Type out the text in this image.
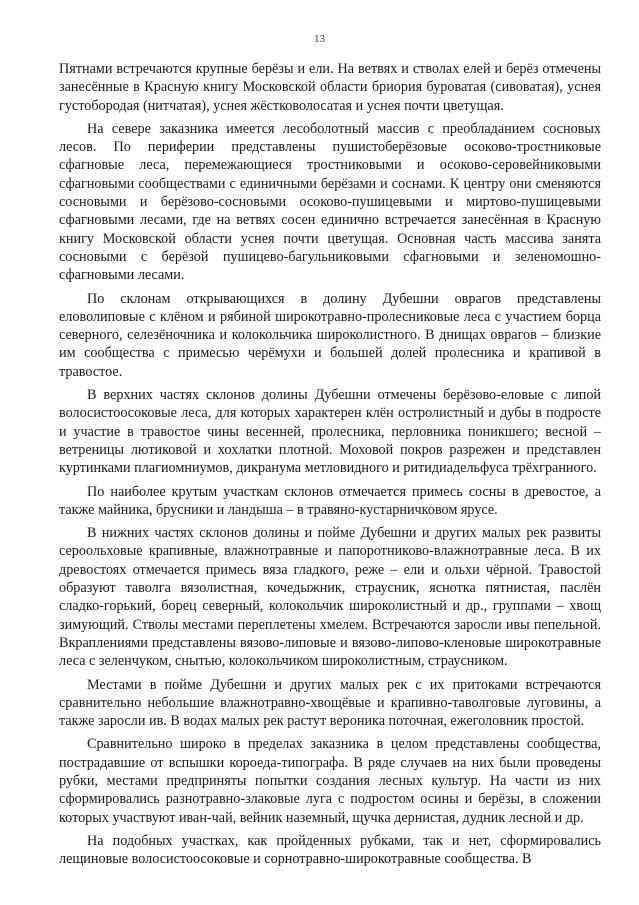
13

Пятнами встречаются крупные берёзы и ели. На ветвях и стволах елей и берёз отмечены занесённые в Красную книгу Московской области бриория буроватая (сивоватая), уснея густобородая (нитчатая), уснея жёстковолосатая и уснея почти цветущая.

На севере заказника имеется лесоболотный массив с преобладанием сосновых лесов. По периферии представлены пушистоберёзовые осоково-тростниковые сфагновые леса, перемежающиеся тростниковыми и осоково-серовейниковыми сфагновыми сообществами с единичными берёзами и соснами. К центру они сменяются сосновыми и берёзово-сосновыми осоково-пушицевыми и миртово-пушицевыми сфагновыми лесами, где на ветвях сосен единично встречается занесённая в Красную книгу Московской области уснея почти цветущая. Основная часть массива занята сосновыми с берёзой пушицево-багульниковыми сфагновыми и зеленомошно-сфагновыми лесами.

По склонам открывающихся в долину Дубешни оврагов представлены еловолиповые с клёном и рябиной широкотравно-пролесниковые леса с участием борца северного, селезёночника и колокольчика широколистного. В днищах оврагов – близкие им сообщества с примесью черёмухи и большей долей пролесника и крапивой в травостое.

В верхних частях склонов долины Дубешни отмечены берёзово-еловые с липой волосистоосоковые леса, для которых характерен клён остролистный и дубы в подросте и участие в травостое чины весенней, пролесника, перловника поникшего; весной – ветреницы лютиковой и хохлатки плотной. Моховой покров разрежен и представлен куртинками плагиомниумов, дикранума метловидного и ритидиадельфуса трёхгранного.

По наиболее крутым участкам склонов отмечается примесь сосны в древостое, а также майника, брусники и ландыша – в травяно-кустарничковом ярусе.

В нижних частях склонов долины и пойме Дубешни и других малых рек развиты сероольховые крапивные, влажнотравные и папоротниково-влажнотравные леса. В их древостоях отмечается примесь вяза гладкого, реже – ели и ольхи чёрной. Травостой образуют таволга вязолистная, кочедыжник, страусник, яснотка пятнистая, паслён сладко-горький, борец северный, колокольчик широколистный и др., группами – хвощ зимующий. Стволы местами переплетены хмелем. Встречаются заросли ивы пепельной. Вкраплениями представлены вязово-липовые и вязово-липово-кленовые широкотравные леса с зеленчуком, снытью, колокольчиком широколистным, страусником.

Местами в пойме Дубешни и других малых рек с их притоками встречаются сравнительно небольшие влажнотравно-хвощёвые и крапивно-таволговые луговины, а также заросли ив. В водах малых рек растут вероника поточная, ежеголовник простой.

Сравнительно широко в пределах заказника в целом представлены сообщества, пострадавшие от вспышки короеда-типографа. В ряде случаев на них были проведены рубки, местами предприняты попытки создания лесных культур. На части из них сформировались разнотравно-злаковые луга с подростом осины и берёзы, в сложении которых участвуют иван-чай, вейник наземный, щучка дернистая, дудник лесной и др.

На подобных участках, как пройденных рубками, так и нет, сформировались лещиновые волосистоосоковые и сорнотравно-широкотравные сообщества. В
